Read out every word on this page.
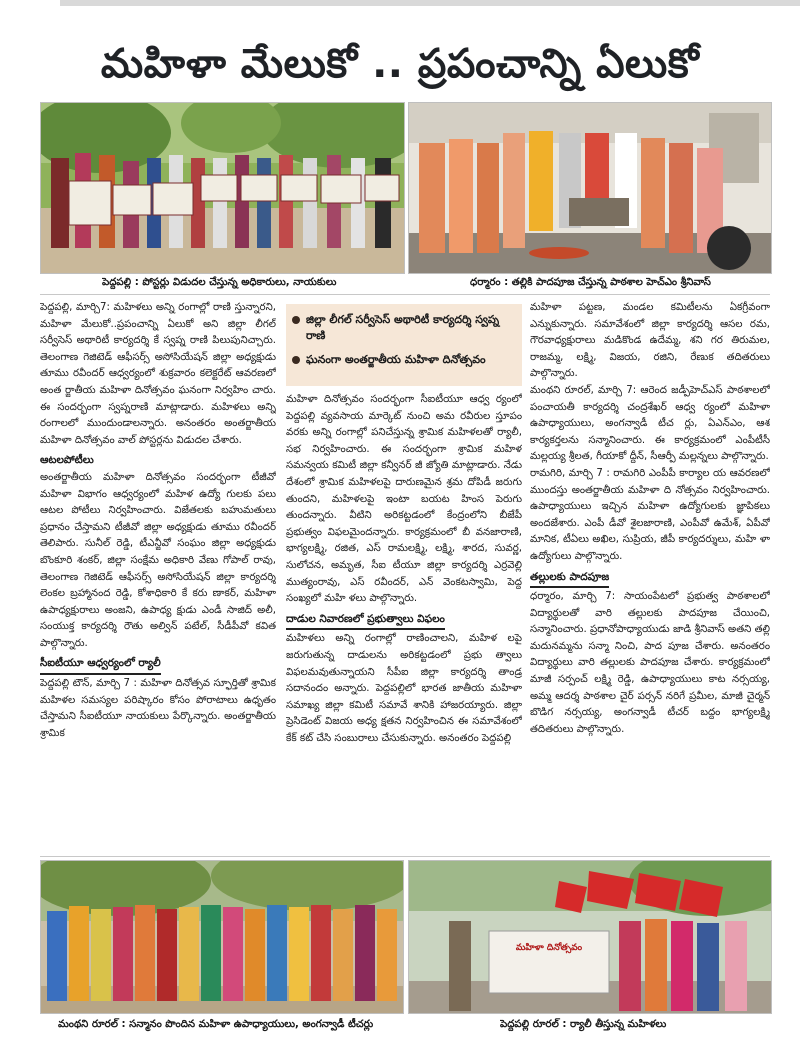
మహిళా మేలుకో .. ప్రపంచాన్ని ఏలుకో
పెద్దపల్లి : పోస్టర్లు విడుదల చేస్తున్న అధికారులు, నాయకులు	ధర్మారం : తల్లికి పాదపూజ చేస్తున్న పాఠశాల హెచ్ఎం శ్రీనివాస్

పెద్దపల్లి, మార్చి7: మహిళలు అన్ని రంగాల్లో రాణి స్తున్నారని, మహిళా మేలుకో..ప్రపంచాన్ని ఏలుకో అని జిల్లా లీగల్ సర్వీసెస్ అథారిటీ కార్యదర్శి కే స్వప్న రాణి పిలుపునిచ్చారు. తెలంగాణ గెజిటెడ్ ఆఫీసర్స్ అసోసియేషన్ జిల్లా అధ్యక్షుడు తూము రవీందర్ ఆధ్వర్యంలో శుక్రవారం కలెక్టరేట్ ఆవరణలో అంత ర్జాతీయ మహిళా దినోత్సవం ఘనంగా నిర్వహిం చారు. ఈ సందర్భంగా స్వప్నరాణి మాట్లాడారు. మహిళలు అన్ని రంగాలలో ముందుండాలన్నారు. అనంతరం అంతర్జాతీయ మహిళా దినోత్సవం వాల్ పోస్టర్లను విడుదల చేశారు.

ఆటలపోటీలు

అంతర్జాతీయ మహిళా దినోత్సవం సందర్భంగా టీజీవో మహిళా విభాగం ఆధ్వర్యంలో మహిళ ఉద్యో గులకు పలు ఆటల పోటీలు నిర్వహించారు. విజేతలకు బహుమతులు ప్రధానం చేస్తామని టీజీవో జిల్లా అధ్యక్షుడు తూము రవీందర్ తెలిపారు. సునీల్ రెడ్డి, టీఎన్జీవో సంఘం జిల్లా అధ్యక్షుడు బొంకూరి శంకర్, జిల్లా సంక్షేమ అధికారి వేణు గోపాల్ రావు, తెలంగాణ గెజిటెడ్ ఆఫీసర్స్ అసోసియేషన్ జిల్లా కార్యదర్శి లెంకల బ్రహ్మానంద రెడ్డి, కోశాధికారి కే కరు ణాకర్, మహిళా ఉపాధ్యక్షురాలు అంజని, ఉపాధ్య క్షుడు ఎండీ సాజిద్ అలీ, సంయుక్త కార్యదర్శి రౌతు అల్విన్ పటేల్, సీడీపీవో కవిత పాల్గొన్నారు.

సీఐటీయూ ఆధ్వర్యంలో ర్యాలీ

పెద్దపల్లి టౌన్, మార్చి 7 : మహిళా దినోత్సవ స్ఫూర్తితో శ్రామిక మహిళల సమస్యల పరిష్కారం కోసం పోరాటాలు ఉధృతం చేస్తామని సీఐటీయూ నాయకులు పేర్కొన్నారు. అంతర్జాతీయ శ్రామిక

జిల్లా లీగల్ సర్వీసెస్ అథారిటీ కార్యదర్శి స్వప్న రాణి
ఘనంగా అంతర్జాతీయ మహిళా దినోత్సవం

మహిళా దినోత్సవం సందర్భంగా సీఐటీయూ ఆధ్వ ర్యంలో పెద్దపల్లి వ్యవసాయ మార్కెట్ నుంచి అమ రవీరుల స్తూపం వరకు అన్ని రంగాల్లో పనిచేస్తున్న శ్రామిక మహిళలతో ర్యాలీ, సభ నిర్వహించారు. ఈ సందర్భంగా శ్రామిక మహిళ సమన్వయ కమిటీ జిల్లా కన్వీనర్ జీ జ్యోతి మాట్లాడారు. నేడు దేశంలో శ్రామిక మహిళలపై దారుణమైన శ్రమ దోపిడీ జరుగు తుందని, మహిళలపై ఇంటా బయట హింస పెరుగు తుందన్నారు. వీటిని అరికట్టడంలో కేంద్రంలోని బీజేపీ ప్రభుత్వం విఫలమైందన్నారు. కార్యక్రమంలో బీ వనజారాణి, భాగ్యలక్ష్మి, రజిత, ఎస్ రామలక్ష్మి, లక్ష్మి, శారద, సువర్ణ, సులోచన, అమృత, సీఐ టీయూ జిల్లా కార్యదర్శి ఎర్రవెల్లి ముత్యంరావు, ఎస్ రవీందర్, ఎన్ వెంకటస్వామి, పెద్ద సంఖ్యలో మహి ళలు పాల్గొన్నారు.

దాడుల నివారణలో ప్రభుత్వాలు విఫలం

మహిళలు అన్ని రంగాల్లో రాణించాలని, మహిళ లపై జరుగుతున్న దాడులను అరికట్టడంలో ప్రభు త్వాలు విఫలమవుతున్నాయని సీపీఐ జిల్లా కార్యదర్శి తాండ్ర సదానందం అన్నారు. పెద్దపల్లిలో భారత జాతీయ మహిళా సమాఖ్య జిల్లా కమిటీ సమావే శానికి హాజరయ్యారు. జిల్లా ప్రెసిడెంట్ విజయ అధ్య క్షతన నిర్వహించిన ఈ సమావేశంలో కేక్ కట్ చేసి సంబురాలు చేసుకున్నారు. అనంతరం పెద్దపల్లి

మహిళా పట్టణ, మండల కమిటీలను ఏకగ్రీవంగా ఎన్నుకున్నారు. సమావేశంలో జిల్లా కార్యదర్శి ఆసల రమ, గౌరవాధ్యక్షురాలు మడికొండ ఉదేమ్మ, శని గర తిరుమల, రాజమ్మ, లక్ష్మి, విజయ, రజిని, రేణుక తదితరులు పాల్గొన్నారు.

మంథని రూరల్, మార్చి 7: ఆరెంద జడ్పీహెచ్ఎస్ పాఠశాలలో పంచాయతీ కార్యదర్శి చంద్రశేఖర్ ఆధ్వ ర్యంలో మహిళా ఉపాధ్యాయులు, అంగన్వాడీ టీచ ర్లు, ఏఎన్ఎం, ఆశ కార్యకర్తలను సన్మానించారు. ఈ కార్యక్రమంలో ఎంపీటీసీ మల్లయ్య శ్రీలత, గీయాకో ద్దీన్, సీఆర్పీ మల్లన్నలు పాల్గొన్నారు.

రామగిరి, మార్చి 7 : రామగిరి ఎంపీపీ కార్యాల య ఆవరణలో ముందస్తు అంతర్జాతీయ మహిళా ది నోత్సవం నిర్వహించారు. ఉపాధ్యాయులు ఇచ్చిన మహిళా ఉద్యోగులకు జ్ఞాపికలు అందజేశారు. ఎంపీ డీవో శైలజారాణి, ఎంపీవో ఉమేశ్, ఏపీవో మానిక, టీఏలు అఖిల, సుప్రియ, జీపీ కార్యదర్శులు, మహి ళా ఉద్యోగులు పాల్గొన్నారు.

తల్లులకు పాదపూజ

ధర్మారం, మార్చి 7: సాయంపేటలో ప్రభుత్వ పాఠశాలలో విద్యార్థులతో వారి తల్లులకు పాదపూజ చేయించి, సన్మానించారు. ప్రధానోపాధ్యాయుడు జాడి శ్రీనివాస్ అతని తల్లి మదునమ్మను సన్మా నించి, పాద పూజ చేశారు. అనంతరం విద్యార్థులు వారి తల్లులకు పాదపూజ చేశారు. కార్యక్రమంలో మాజీ సర్పంచ్ లక్ష్మి రెడ్డి, ఉపాధ్యాయులు కాట నర్సయ్య, అమ్మ ఆదర్శ పాఠశాల చైర్ పర్సన్ నరిగే ప్రమీల, మాజీ చైర్మన్ బొడిగ నర్సయ్య, అంగన్వాడీ టీచర్ బద్దం భాగ్యలక్ష్మి తదితరులు పాల్గొన్నారు.

మహిళా దినోత్సవం
మంథని రూరల్ : సన్మానం పొందిన మహిళా ఉపాధ్యాయులు, అంగన్వాడీ టీచర్లు	పెద్దపల్లి రూరల్ : ర్యాలీ తీస్తున్న మహిళలు
